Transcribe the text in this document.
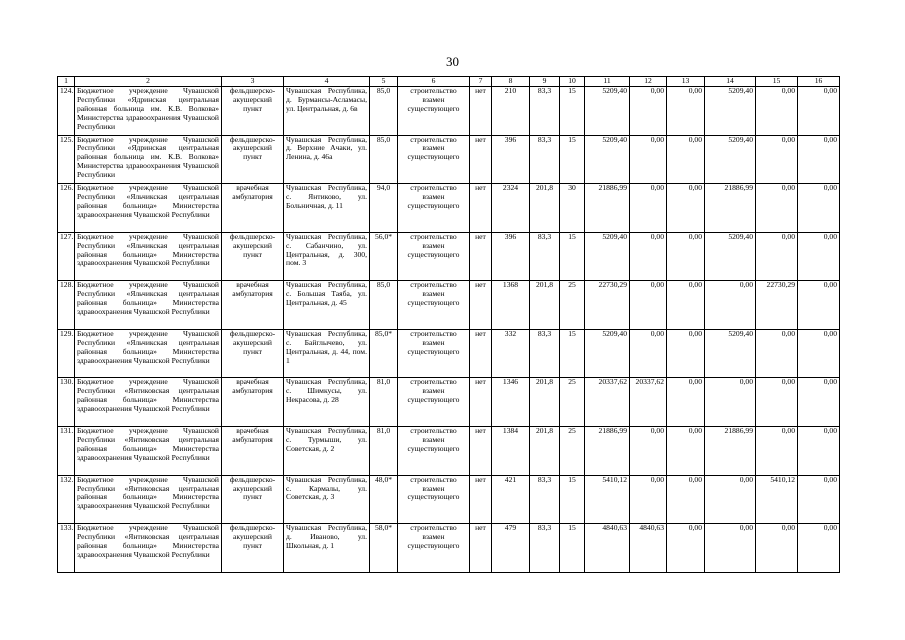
30
1	2	3	4	5	6	7	8	9	10	11	12	13	14	15	16
124.	Бюджетное учреждение Чувашской Республики «Ядринская центральная районная больница им. К.В. Волкова» Министерства здравоохранения Чувашской Республики	фельдшерско-акушерский пункт	Чувашская Республика, д. Бурмансы-Асламасы, ул. Центральная, д. 6в	85,0	строительство взамен существующего	нет	210	83,3	15	5209,40	0,00	0,00	5209,40	0,00	0,00
125.	Бюджетное учреждение Чувашской Республики «Ядринская центральная районная больница им. К.В. Волкова» Министерства здравоохранения Чувашской Республики	фельдшерско-акушерский пункт	Чувашская Республика, д. Верхние Ачаки, ул. Ленина, д. 46а	85,0	строительство взамен существующего	нет	396	83,3	15	5209,40	0,00	0,00	5209,40	0,00	0,00
126.	Бюджетное учреждение Чувашской Республики «Яльчикская центральная районная больница» Министерства здравоохранения Чувашской Республики	врачебная амбулатория	Чувашская Республика, с. Янтиково, ул. Больничная, д. 11	94,0	строительство взамен существующего	нет	2324	201,8	30	21886,99	0,00	0,00	21886,99	0,00	0,00
127.	Бюджетное учреждение Чувашской Республики «Яльчикская центральная районная больница» Министерства здравоохранения Чувашской Республики	фельдшерско-акушерский пункт	Чувашская Республика, с. Сабанчино, ул. Центральная, д. 300, пом. 3	56,0*	строительство взамен существующего	нет	396	83,3	15	5209,40	0,00	0,00	5209,40	0,00	0,00
128.	Бюджетное учреждение Чувашской Республики «Яльчикская центральная районная больница» Министерства здравоохранения Чувашской Республики	врачебная амбулатория	Чувашская Республика, с. Большая Таяба, ул. Центральная, д. 45	85,0	строительство взамен существующего	нет	1368	201,8	25	22730,29	0,00	0,00	0,00	22730,29	0,00
129.	Бюджетное учреждение Чувашской Республики «Яльчикская центральная районная больница» Министерства здравоохранения Чувашской Республики	фельдшерско-акушерский пункт	Чувашская Республика, с. Байглычево, ул. Центральная, д. 44, пом. 1	85,0*	строительство взамен существующего	нет	332	83,3	15	5209,40	0,00	0,00	5209,40	0,00	0,00
130.	Бюджетное учреждение Чувашской Республики «Янтиковская центральная районная больница» Министерства здравоохранения Чувашской Республики	врачебная амбулатория	Чувашская Республика, с. Шимкусы, ул. Некрасова, д. 28	81,0	строительство взамен существующего	нет	1346	201,8	25	20337,62	20337,62	0,00	0,00	0,00	0,00
131.	Бюджетное учреждение Чувашской Республики «Янтиковская центральная районная больница» Министерства здравоохранения Чувашской Республики	врачебная амбулатория	Чувашская Республика, с. Турмыши, ул. Советская, д. 2	81,0	строительство взамен существующего	нет	1384	201,8	25	21886,99	0,00	0,00	21886,99	0,00	0,00
132.	Бюджетное учреждение Чувашской Республики «Янтиковская центральная районная больница» Министерства здравоохранения Чувашской Республики	фельдшерско-акушерский пункт	Чувашская Республика, с. Кармалы, ул. Советская, д. 3	48,0*	строительство взамен существующего	нет	421	83,3	15	5410,12	0,00	0,00	0,00	5410,12	0,00
133.	Бюджетное учреждение Чувашской Республики «Янтиковская центральная районная больница» Министерства здравоохранения Чувашской Республики	фельдшерско-акушерский пункт	Чувашская Республика, д. Иваново, ул. Школьная, д. 1	58,0*	строительство взамен существующего	нет	479	83,3	15	4840,63	4840,63	0,00	0,00	0,00	0,00
